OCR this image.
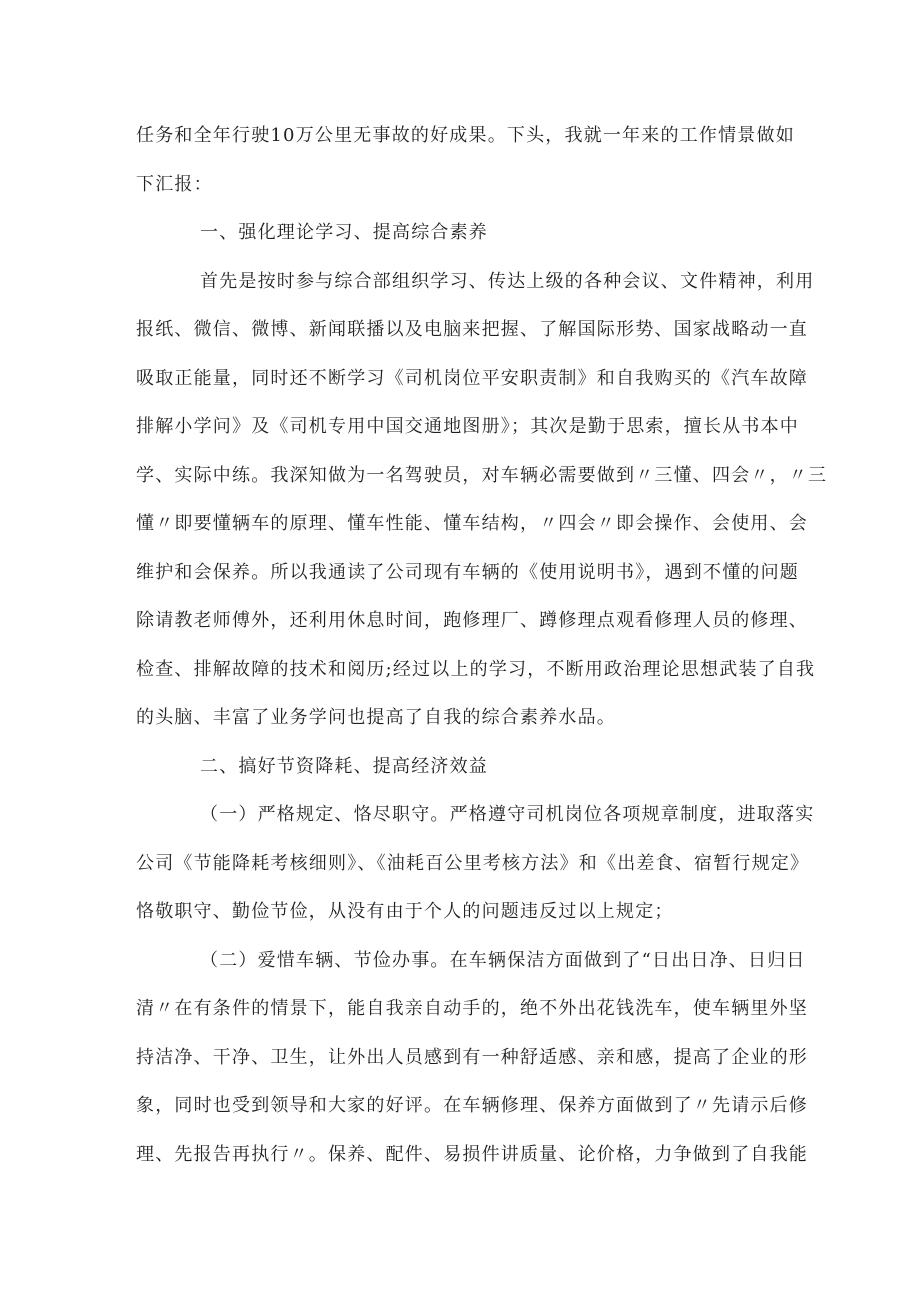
任务和全年行驶10万公里无事故的好成果。下头，我就一年来的工作情景做如
下汇报：

一、强化理论学习、提高综合素养

首先是按时参与综合部组织学习、传达上级的各种会议、文件精神，利用
报纸、微信、微博、新闻联播以及电脑来把握、了解国际形势、国家战略动一直
吸取正能量，同时还不断学习《司机岗位平安职责制》和自我购买的《汽车故障
排解小学问》及《司机专用中国交通地图册》；其次是勤于思索，擅长从书本中
学、实际中练。我深知做为一名驾驶员，对车辆必需要做到〃三懂、四会〃，〃三
懂〃即要懂辆车的原理、懂车性能、懂车结构，〃四会〃即会操作、会使用、会
维护和会保养。所以我通读了公司现有车辆的《使用说明书》，遇到不懂的问题
除请教老师傅外，还利用休息时间，跑修理厂、蹲修理点观看修理人员的修理、
检查、排解故障的技术和阅历;经过以上的学习，不断用政治理论思想武装了自我
的头脑、丰富了业务学问也提高了自我的综合素养水品。

二、搞好节资降耗、提高经济效益

（一）严格规定、恪尽职守。严格遵守司机岗位各项规章制度，进取落实
公司《节能降耗考核细则》、《油耗百公里考核方法》和《出差食、宿暂行规定》
恪敬职守、勤俭节俭，从没有由于个人的问题违反过以上规定；

（二）爱惜车辆、节俭办事。在车辆保洁方面做到了“日出日净、日归日
清〃在有条件的情景下，能自我亲自动手的，绝不外出花钱洗车，使车辆里外坚
持洁净、干净、卫生，让外出人员感到有一种舒适感、亲和感，提高了企业的形
象，同时也受到领导和大家的好评。在车辆修理、保养方面做到了〃先请示后修
理、先报告再执行〃。保养、配件、易损件讲质量、论价格，力争做到了自我能
